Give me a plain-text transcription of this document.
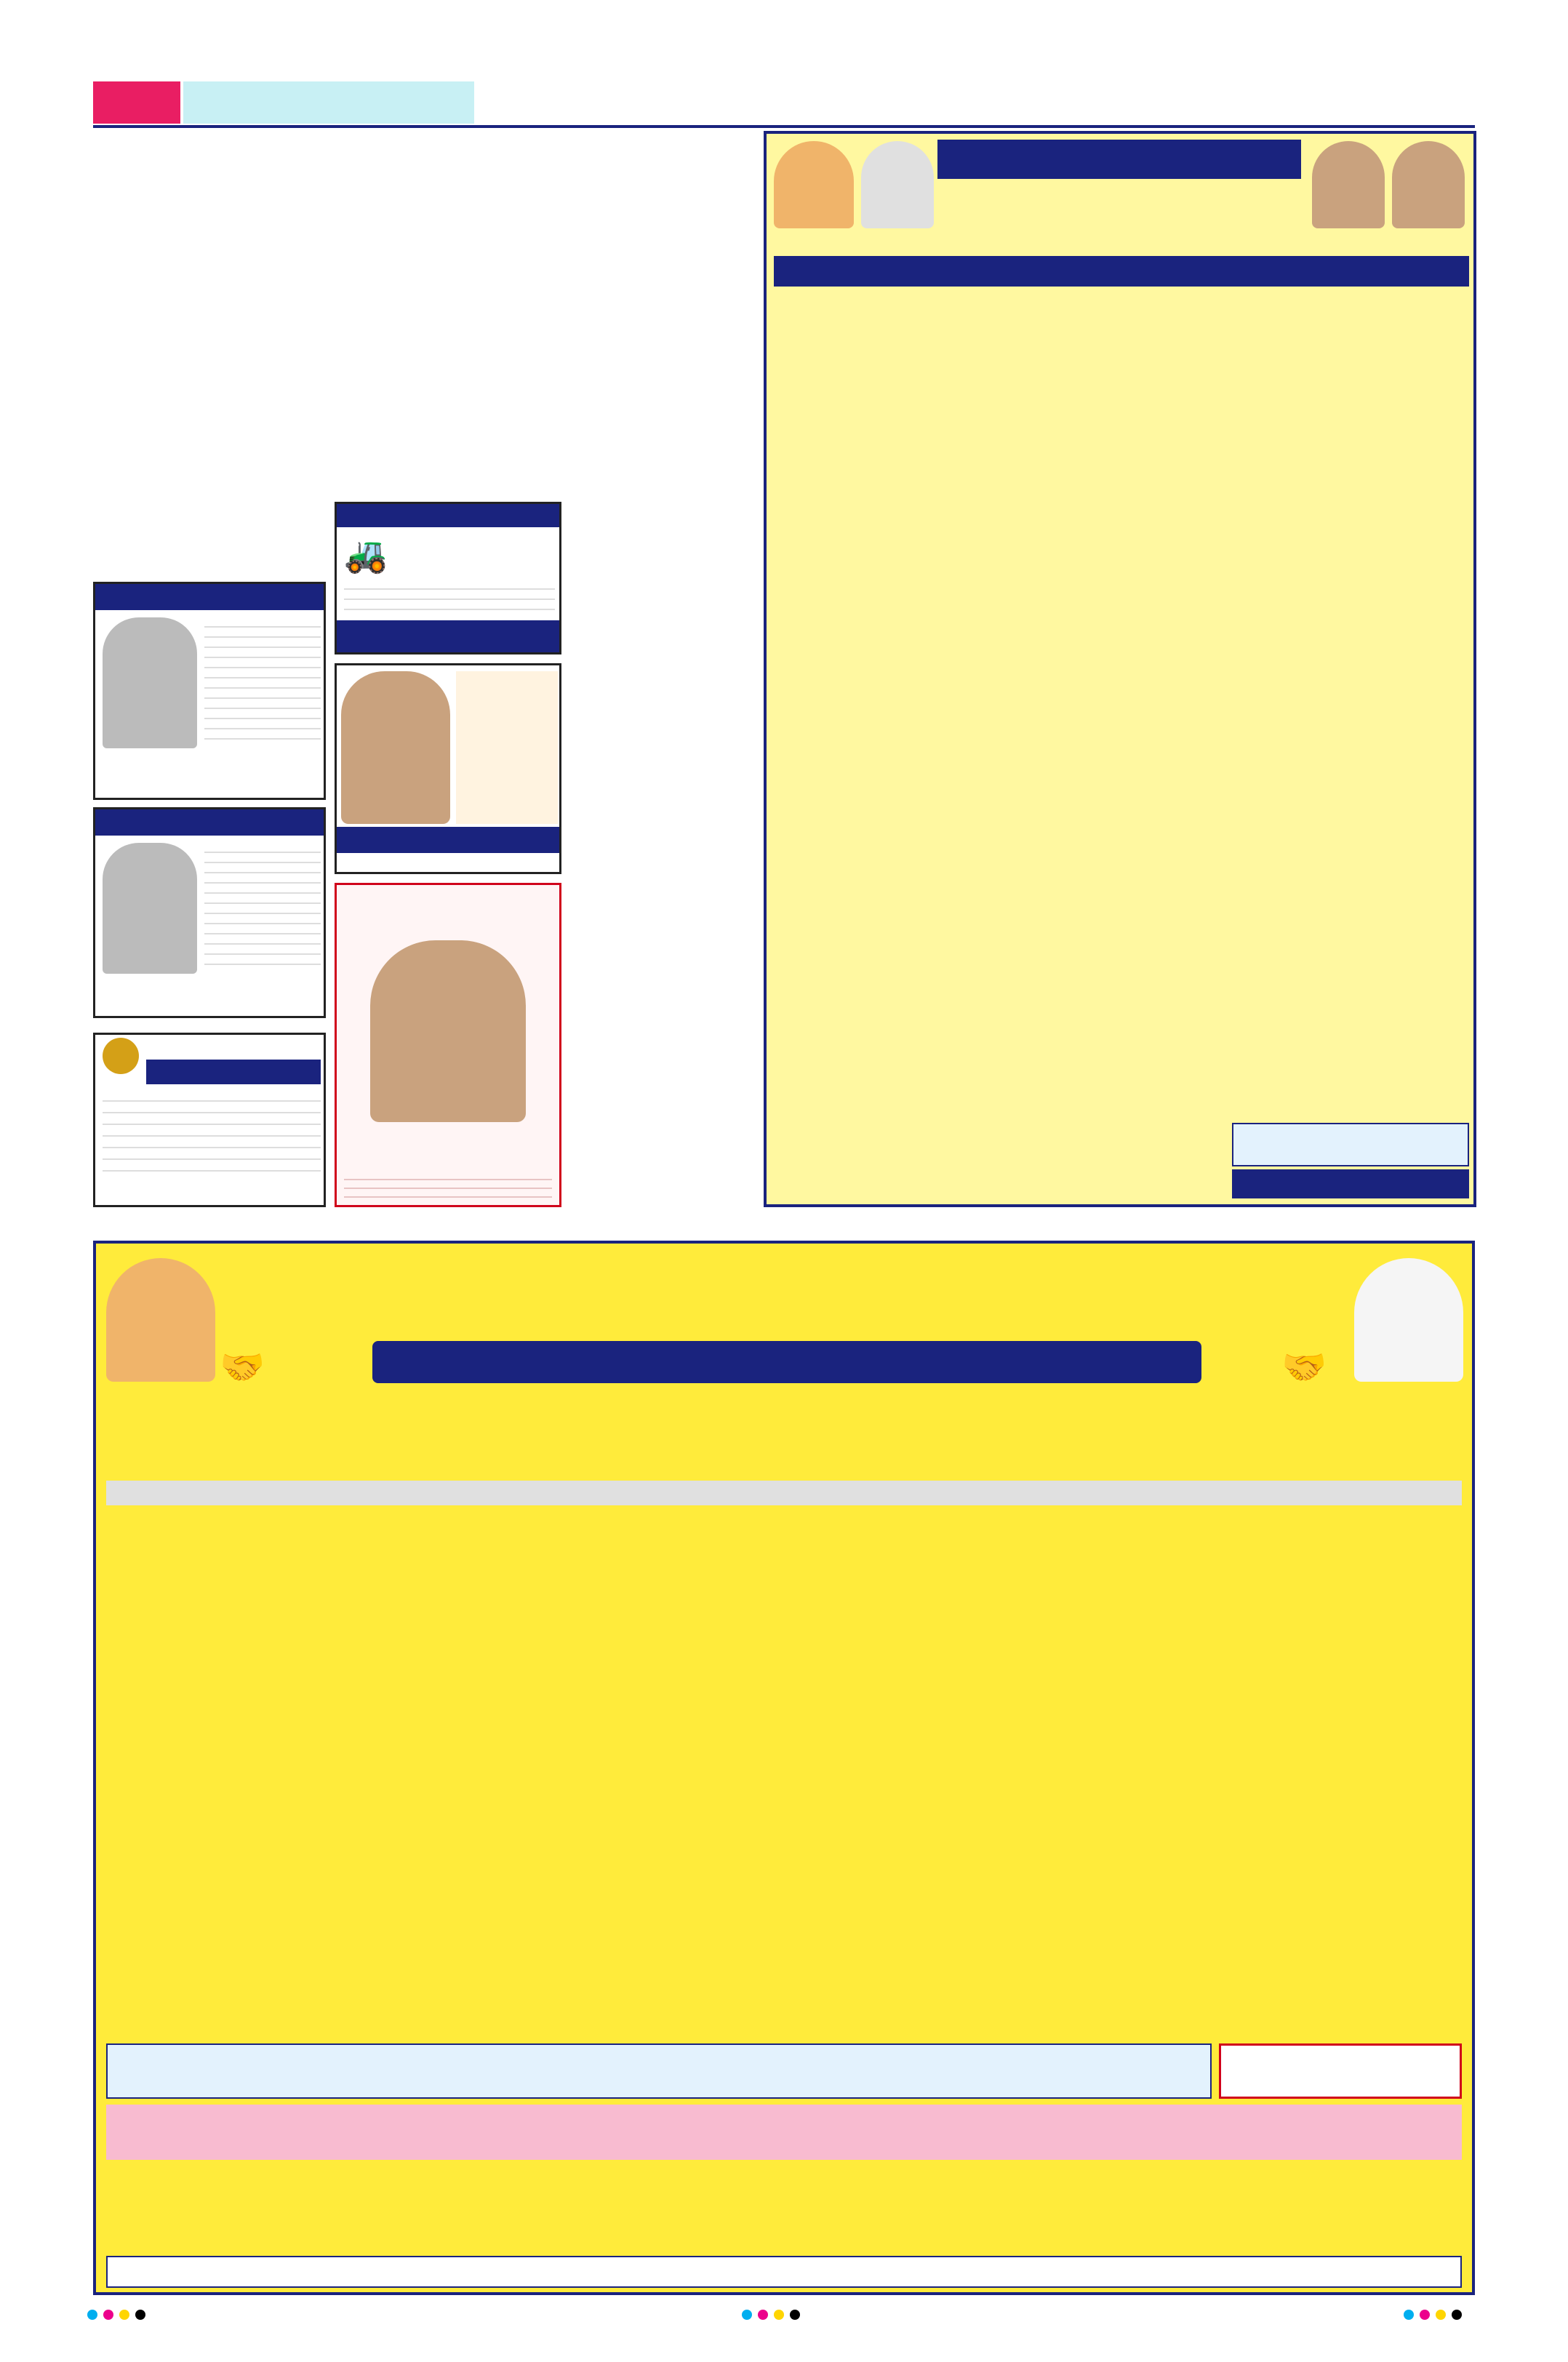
🚜

🤝	🤝
